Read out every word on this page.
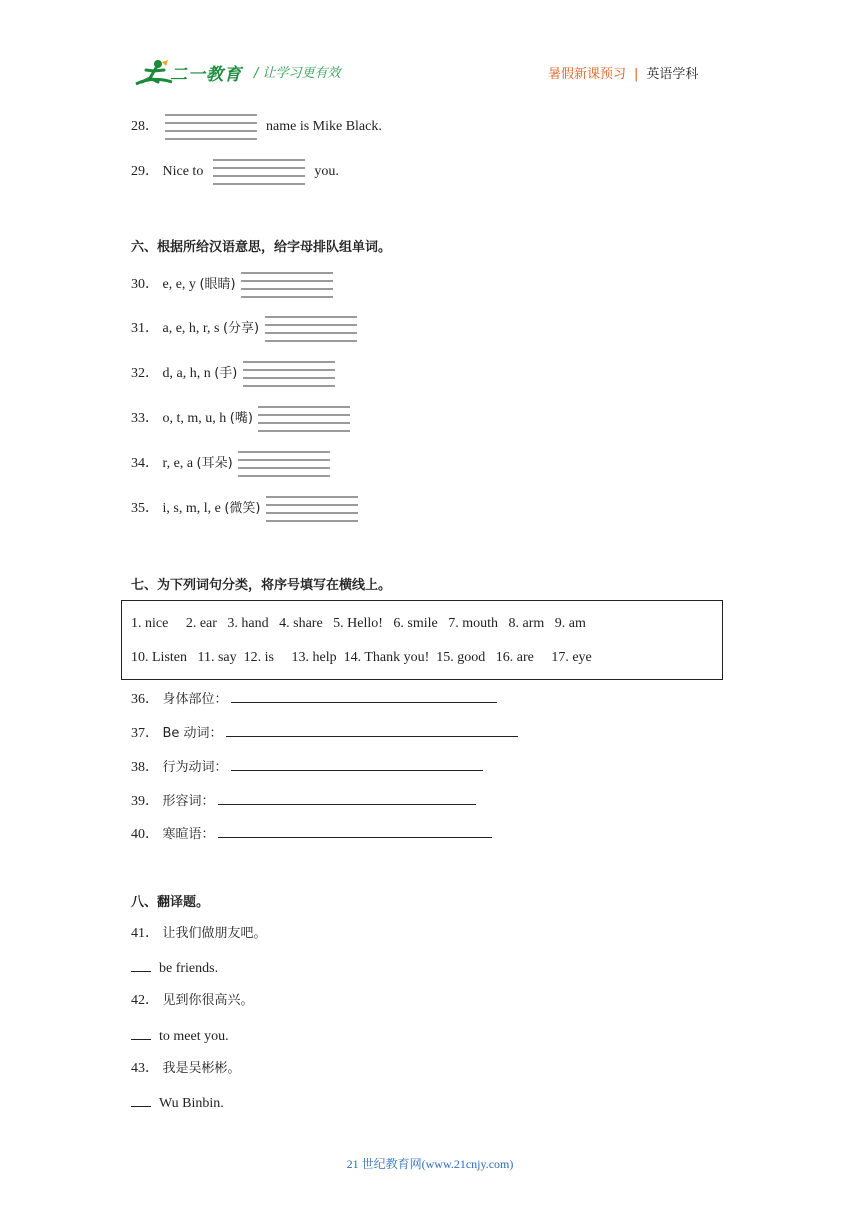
二一教育 / 让学习更有效	暑假新课预习 | 英语学科
28．	name is Mike Black.
29． Nice to	you.
六、根据所给汉语意思，给字母排队组单词。
30． e, e, y (眼睛)
31． a, e, h, r, s (分享)
32． d, a, h, n (手)
33． o, t, m, u, h (嘴)
34． r, e, a (耳朵)
35． i, s, m, l, e (微笑)
七、为下列词句分类，将序号填写在横线上。
1. nice     2. ear   3. hand   4. share   5. Hello!   6. smile   7. mouth   8. arm   9. am
10. Listen   11. say  12. is     13. help  14. Thank you!  15. good   16. are     17. eye
36． 身体部位：
37． Be 动词：
38． 行为动词：
39． 形容词：
40． 寒暄语：
八、翻译题。
41． 让我们做朋友吧。
be friends.
42． 见到你很高兴。
to meet you.
43． 我是吴彬彬。
Wu Binbin.
21 世纪教育网(www.21cnjy.com)
